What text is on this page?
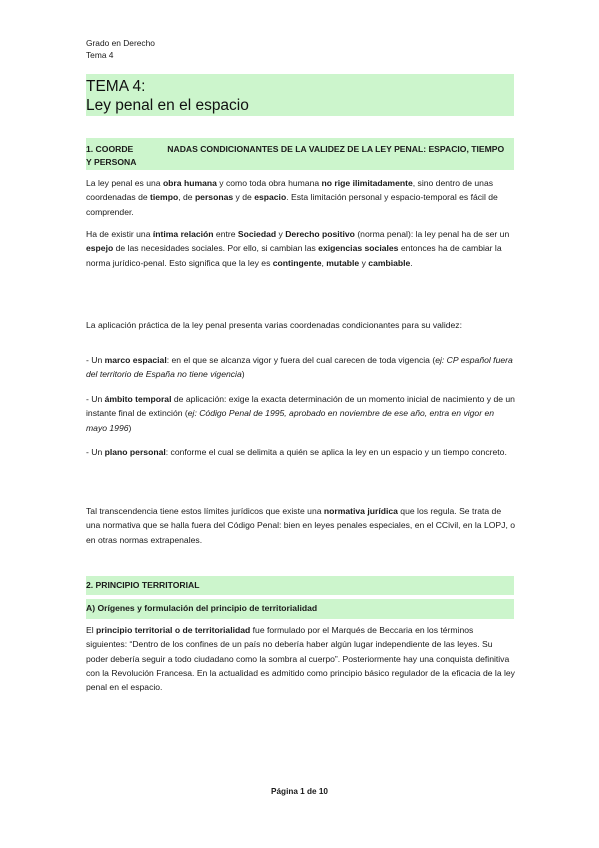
Grado en Derecho
Tema 4
TEMA 4:
Ley penal en el espacio
1. COORDE	NADAS CONDICIONANTES DE LA VALIDEZ DE LA LEY PENAL: ESPACIO, TIEMPO
Y PERSONA
La ley penal es una obra humana y como toda obra humana no rige ilimitadamente, sino dentro de unas coordenadas de tiempo, de personas y de espacio. Esta limitación personal y espacio-temporal es fácil de comprender.
Ha de existir una íntima relación entre Sociedad y Derecho positivo (norma penal): la ley penal ha de ser un espejo de las necesidades sociales. Por ello, si cambian las exigencias sociales entonces ha de cambiar la norma jurídico-penal. Esto significa que la ley es contingente, mutable y cambiable.
La aplicación práctica de la ley penal presenta varias coordenadas condicionantes para su validez:
- Un marco espacial: en el que se alcanza vigor y fuera del cual carecen de toda vigencia (ej: CP español fuera del territorio de España no tiene vigencia)
- Un ámbito temporal de aplicación: exige la exacta determinación de un momento inicial de nacimiento y de un instante final de extinción (ej: Código Penal de 1995, aprobado en noviembre de ese año, entra en vigor en mayo 1996)
- Un plano personal: conforme el cual se delimita a quién se aplica la ley en un espacio y un tiempo concreto.
Tal transcendencia tiene estos límites jurídicos que existe una normativa jurídica que los regula. Se trata de una normativa que se halla fuera del Código Penal: bien en leyes penales especiales, en el CCivil, en la LOPJ, o en otras normas extrapenales.
2. PRINCIPIO TERRITORIAL
A) Orígenes y formulación del principio de territorialidad
El principio territorial o de territorialidad fue formulado por el Marqués de Beccaria en los términos siguientes: “Dentro de los confines de un país no debería haber algún lugar independiente de las leyes. Su poder debería seguir a todo ciudadano como la sombra al cuerpo”. Posteriormente hay una conquista definitiva con la Revolución Francesa. En la actualidad es admitido como principio básico regulador de la eficacia de la ley penal en el espacio.
Página 1 de 10
